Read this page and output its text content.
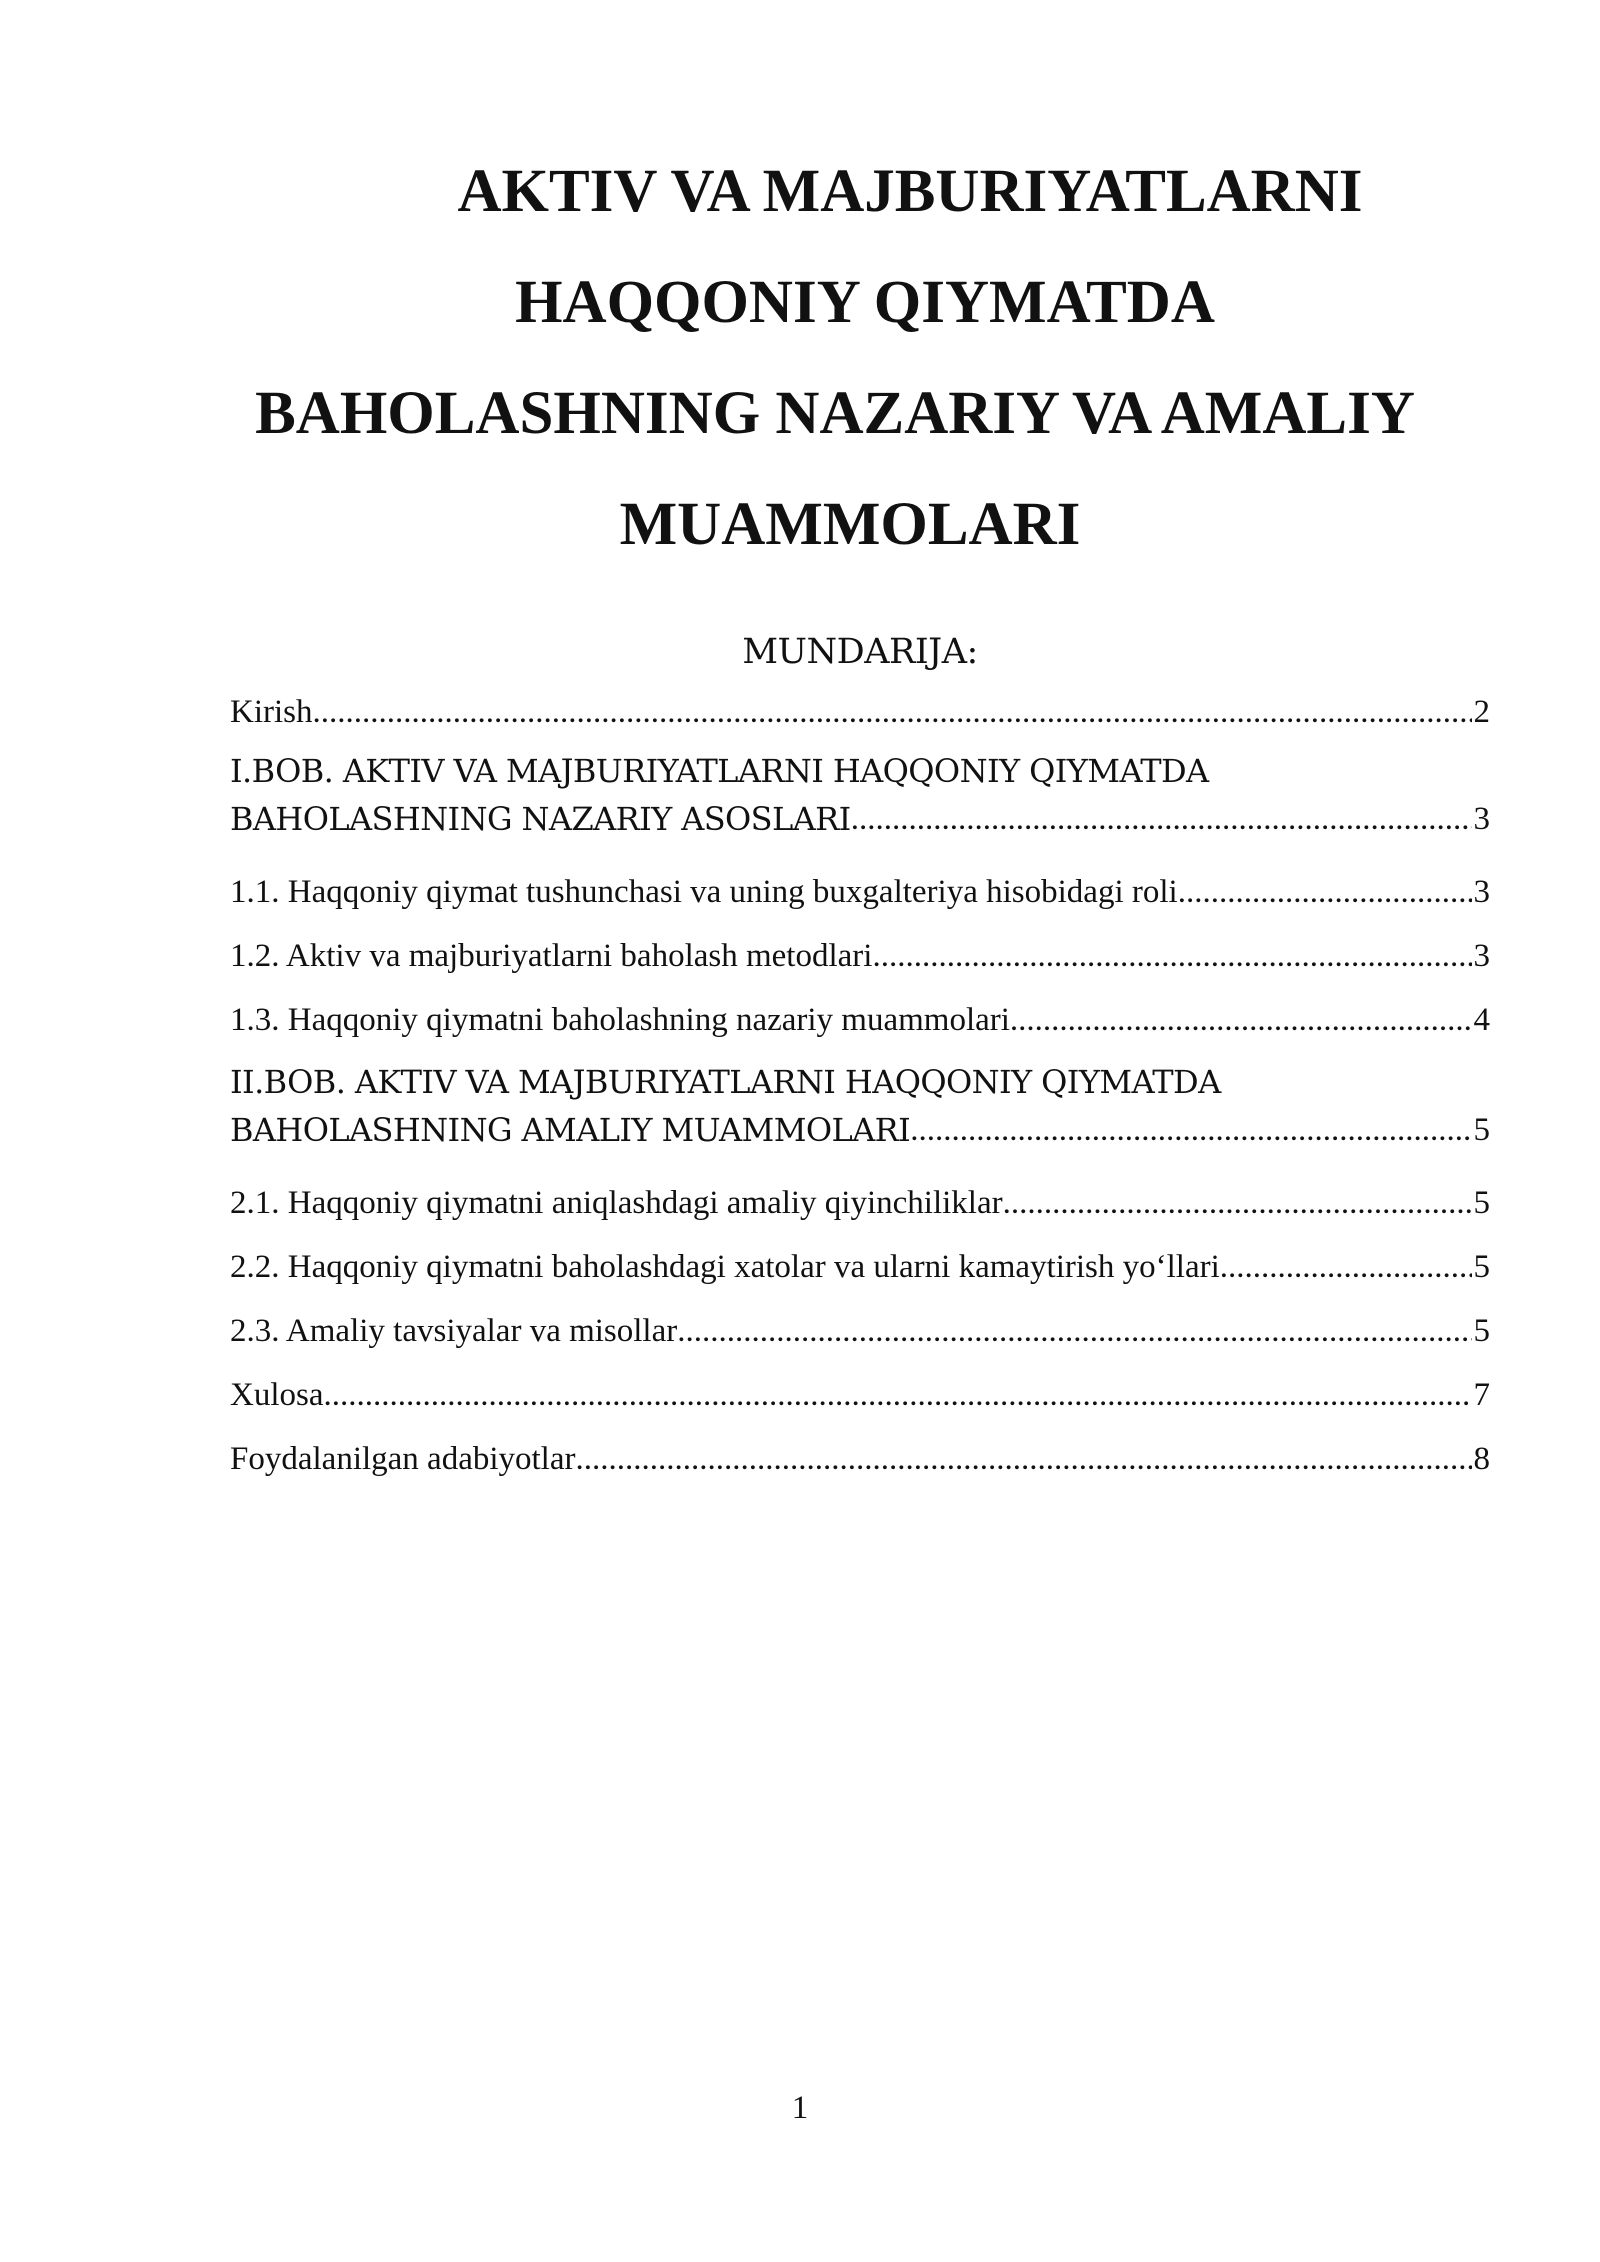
AKTIV VA MAJBURIYATLARNI
HAQQONIY QIYMATDA
BAHOLASHNING NAZARIY VA AMALIY
MUAMMOLARI
MUNDARIJA:
Kirish .....	2
I.BOB. AKTIV VA MAJBURIYATLARNI HAQQONIY QIYMATDA
BAHOLASHNING NAZARIY ASOSLARI .....	3
1.1. Haqqoniy qiymat tushunchasi va uning buxgalteriya hisobidagi roli .....	3
1.2. Aktiv va majburiyatlarni baholash metodlari .....	3
1.3. Haqqoniy qiymatni baholashning nazariy muammolari .....	4
II.BOB. AKTIV VA MAJBURIYATLARNI HAQQONIY QIYMATDA
BAHOLASHNING AMALIY MUAMMOLARI .....	5
2.1. Haqqoniy qiymatni aniqlashdagi amaliy qiyinchiliklar .....	5
2.2. Haqqoniy qiymatni baholashdagi xatolar va ularni kamaytirish yo‘llari .....	5
2.3. Amaliy tavsiyalar va misollar .....	5
Xulosa .....	7
Foydalanilgan adabiyotlar .....	8

1
